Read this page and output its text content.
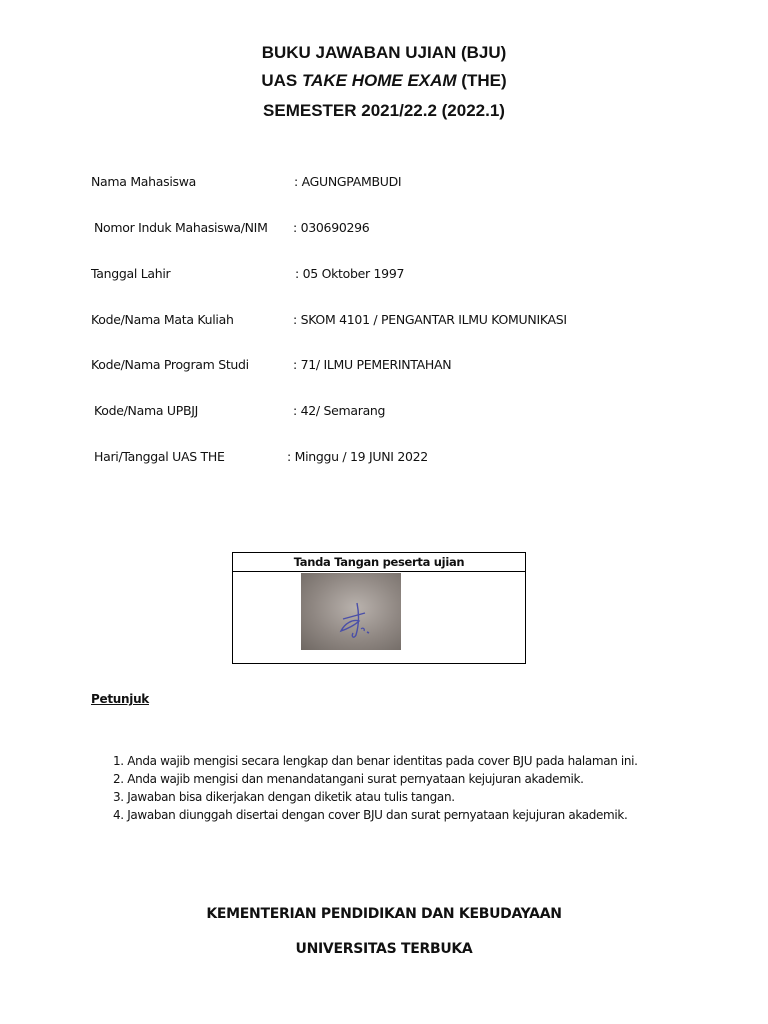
BUKU JAWABAN UJIAN (BJU)
UAS TAKE HOME EXAM (THE)
SEMESTER 2021/22.2 (2022.1)
Nama Mahasiswa	: AGUNGPAMBUDI
Nomor Induk Mahasiswa/NIM : 030690296
Tanggal Lahir	: 05 Oktober 1997
Kode/Nama Mata Kuliah	: SKOM 4101 / PENGANTAR ILMU KOMUNIKASI
Kode/Nama Program Studi	: 71/ ILMU PEMERINTAHAN
Kode/Nama UPBJJ	: 42/ Semarang
Hari/Tanggal UAS THE	: Minggu / 19 JUNI 2022
Tanda Tangan peserta ujian
Petunjuk
1. Anda wajib mengisi secara lengkap dan benar identitas pada cover BJU pada halaman ini.
2. Anda wajib mengisi dan menandatangani surat pernyataan kejujuran akademik.
3. Jawaban bisa dikerjakan dengan diketik atau tulis tangan.
4. Jawaban diunggah disertai dengan cover BJU dan surat pernyataan kejujuran akademik.
KEMENTERIAN PENDIDIKAN DAN KEBUDAYAAN
UNIVERSITAS TERBUKA
